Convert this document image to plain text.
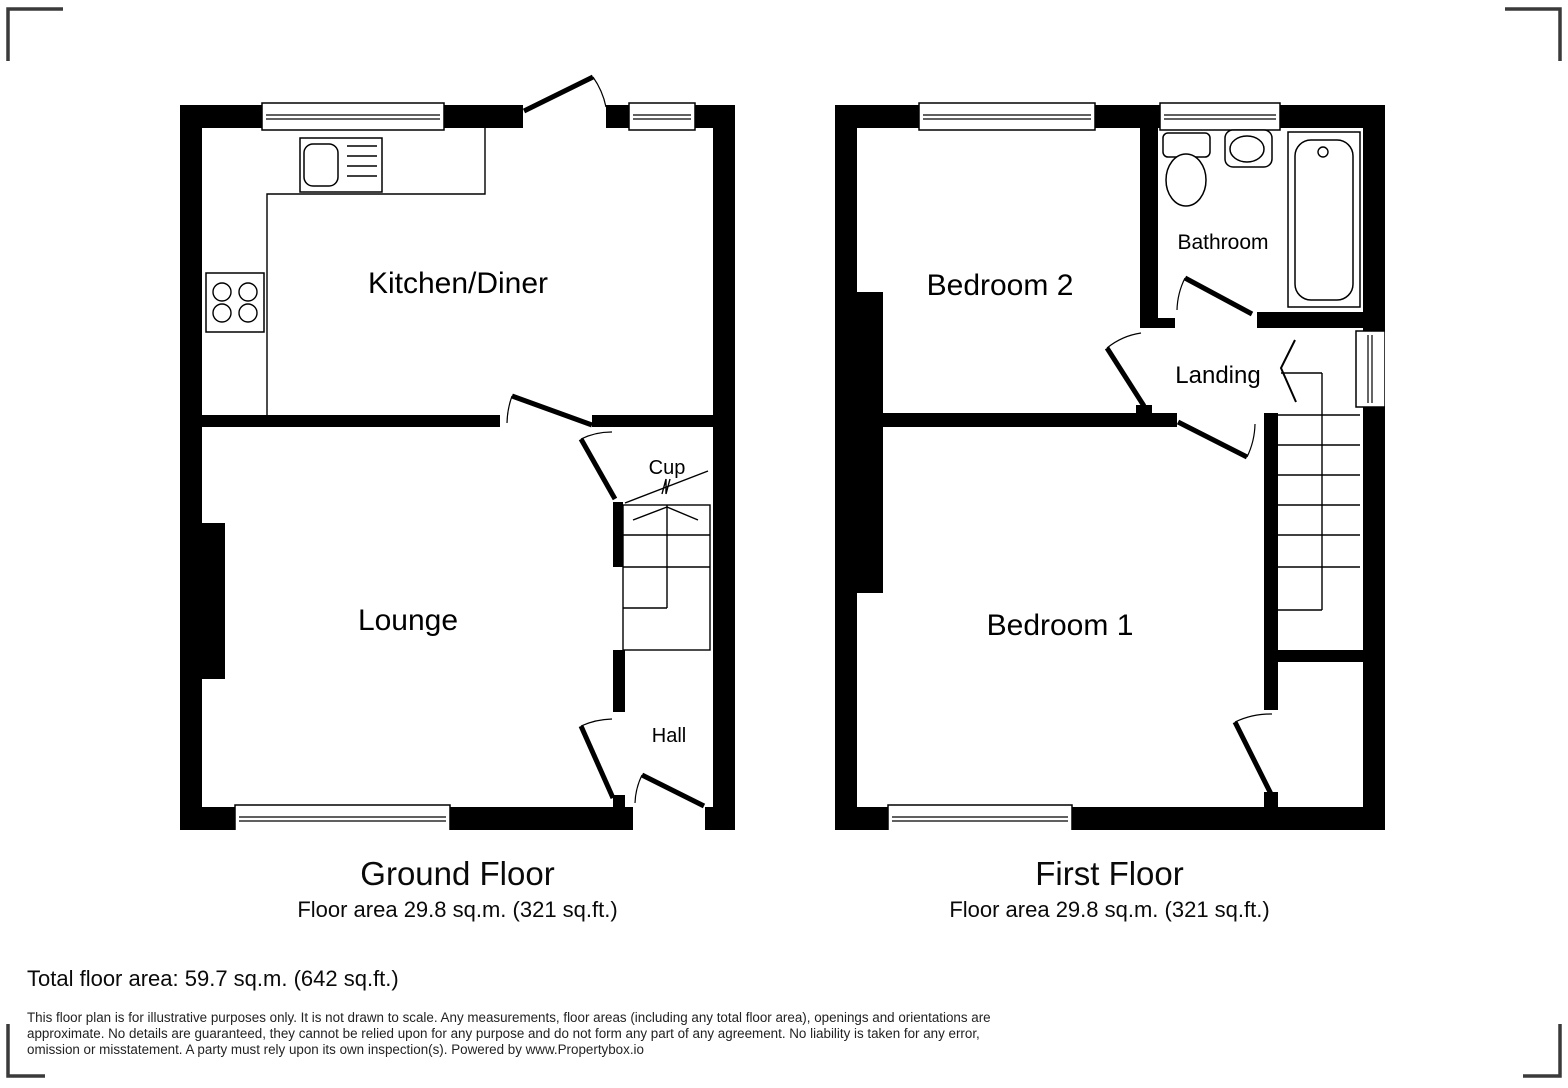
Kitchen/Diner
Lounge
Cup
Hall
Bedroom 2
Bathroom
Landing
Bedroom 1
Ground Floor
Floor area 29.8 sq.m. (321 sq.ft.)
First Floor
Floor area 29.8 sq.m. (321 sq.ft.)
Total floor area: 59.7 sq.m. (642 sq.ft.)
This floor plan is for illustrative purposes only. It is not drawn to scale. Any measurements, floor areas (including any total floor area), openings and orientations are
approximate. No details are guaranteed, they cannot be relied upon for any purpose and do not form any part of any agreement. No liability is taken for any error,
omission or misstatement. A party must rely upon its own inspection(s). Powered by www.Propertybox.io
